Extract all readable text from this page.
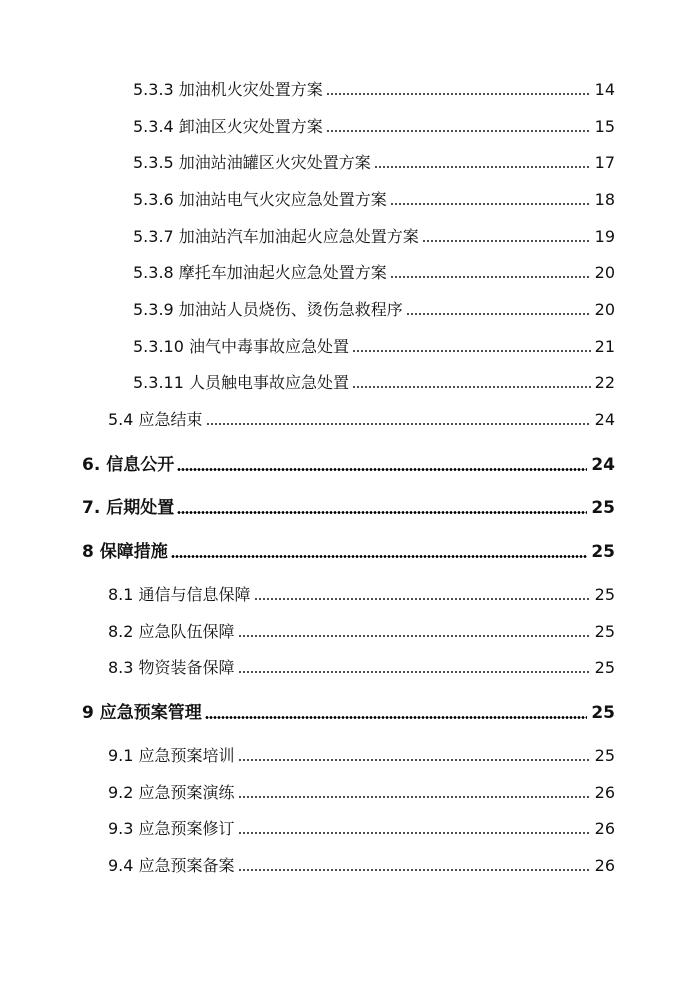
5.3.3 加油机火灾处置方案	14
5.3.4 卸油区火灾处置方案	15
5.3.5 加油站油罐区火灾处置方案	17
5.3.6 加油站电气火灾应急处置方案	18
5.3.7 加油站汽车加油起火应急处置方案	19
5.3.8 摩托车加油起火应急处置方案	20
5.3.9 加油站人员烧伤、烫伤急救程序	20
5.3.10 油气中毒事故应急处置	21
5.3.11 人员触电事故应急处置	22
5.4 应急结束	24
6. 信息公开	24
7. 后期处置	25
8 保障措施	25
8.1 通信与信息保障	25
8.2 应急队伍保障	25
8.3 物资装备保障	25
9 应急预案管理	25
9.1 应急预案培训	25
9.2 应急预案演练	26
9.3 应急预案修订	26
9.4 应急预案备案	26
